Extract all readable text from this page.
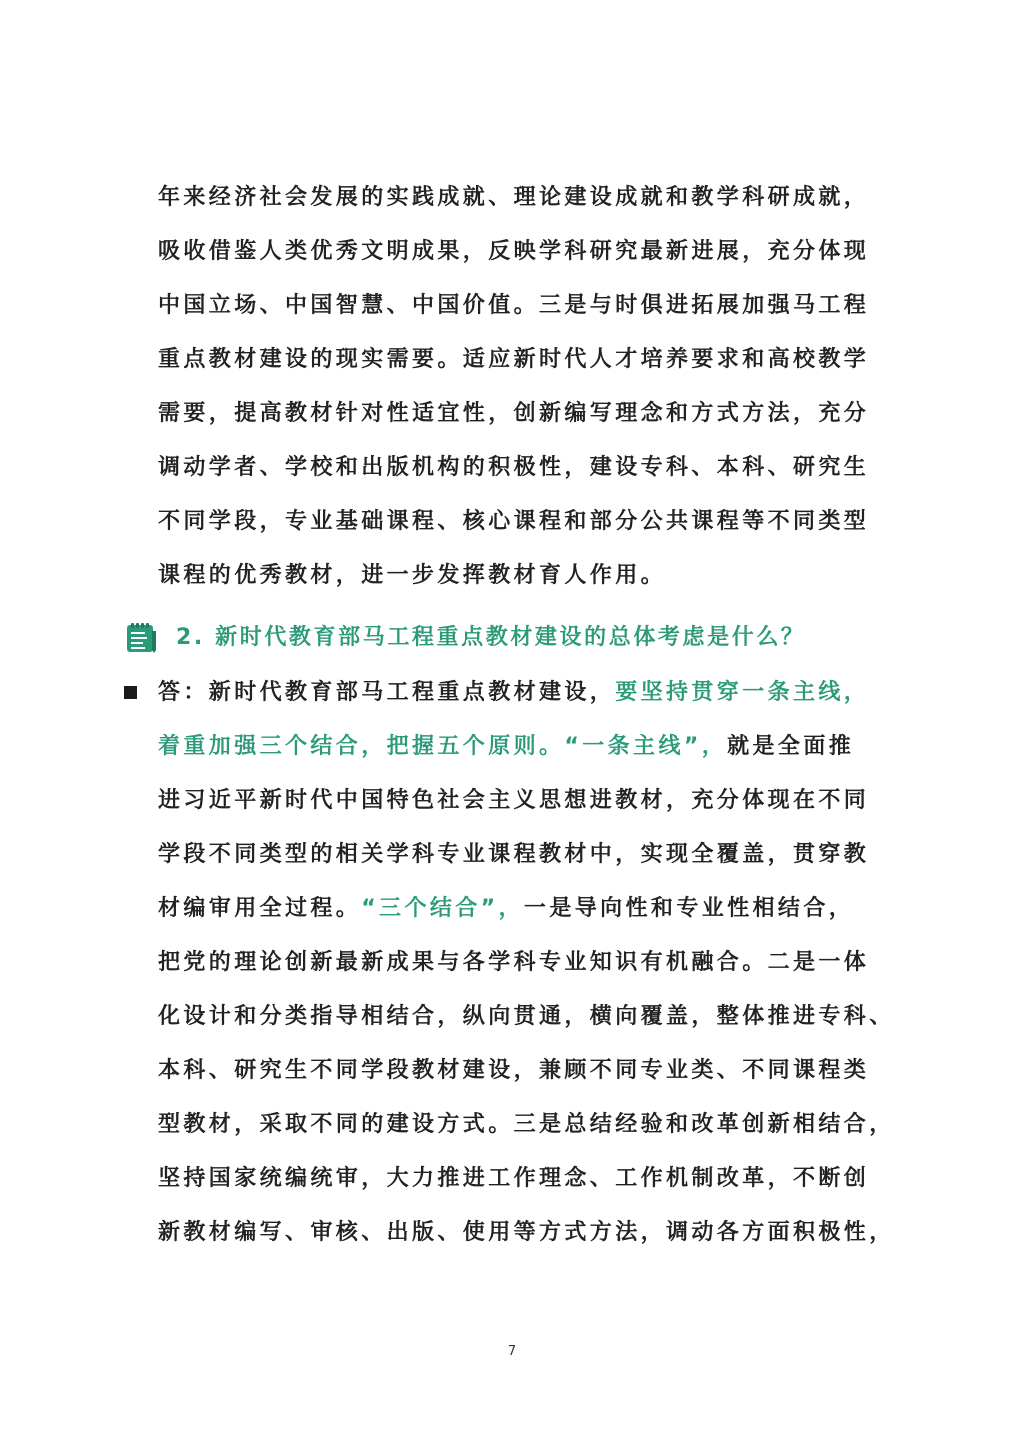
年来经济社会发展的实践成就、理论建设成就和教学科研成就，
吸收借鉴人类优秀文明成果，反映学科研究最新进展，充分体现
中国立场、中国智慧、中国价值。三是与时俱进拓展加强马工程
重点教材建设的现实需要。适应新时代人才培养要求和高校教学
需要，提高教材针对性适宜性，创新编写理念和方式方法，充分
调动学者、学校和出版机构的积极性，建设专科、本科、研究生
不同学段，专业基础课程、核心课程和部分公共课程等不同类型
课程的优秀教材，进一步发挥教材育人作用。
2. 新时代教育部马工程重点教材建设的总体考虑是什么？
答：新时代教育部马工程重点教材建设，要坚持贯穿一条主线，
着重加强三个结合，把握五个原则。“一条主线”，就是全面推
进习近平新时代中国特色社会主义思想进教材，充分体现在不同
学段不同类型的相关学科专业课程教材中，实现全覆盖，贯穿教
材编审用全过程。“三个结合”，一是导向性和专业性相结合，
把党的理论创新最新成果与各学科专业知识有机融合。二是一体
化设计和分类指导相结合，纵向贯通，横向覆盖，整体推进专科、
本科、研究生不同学段教材建设，兼顾不同专业类、不同课程类
型教材，采取不同的建设方式。三是总结经验和改革创新相结合，
坚持国家统编统审，大力推进工作理念、工作机制改革，不断创
新教材编写、审核、出版、使用等方式方法，调动各方面积极性，
7
